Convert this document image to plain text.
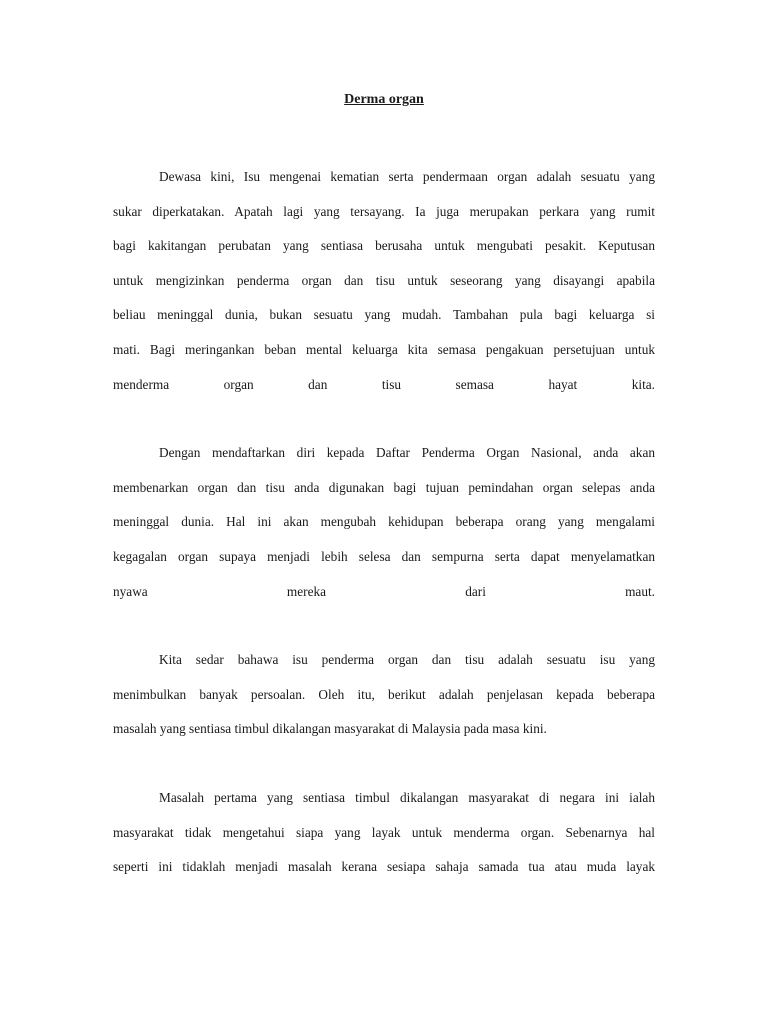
Derma organ
Dewasa kini, Isu mengenai kematian serta pendermaan organ adalah sesuatu yang
sukar diperkatakan. Apatah lagi yang tersayang. Ia juga merupakan perkara yang rumit
bagi kakitangan perubatan yang sentiasa berusaha untuk mengubati pesakit. Keputusan
untuk mengizinkan penderma organ dan tisu untuk seseorang yang disayangi apabila
beliau meninggal dunia, bukan sesuatu yang mudah. Tambahan pula bagi keluarga si
mati. Bagi meringankan beban mental keluarga kita semasa pengakuan persetujuan untuk
menderma organ dan tisu semasa hayat kita.
Dengan mendaftarkan diri kepada Daftar Penderma Organ Nasional, anda akan
membenarkan organ dan tisu anda digunakan bagi tujuan pemindahan organ selepas anda
meninggal dunia. Hal ini akan mengubah kehidupan beberapa orang yang mengalami
kegagalan organ supaya menjadi lebih selesa dan sempurna serta dapat menyelamatkan
nyawa mereka dari maut.
Kita sedar bahawa isu penderma organ dan tisu adalah sesuatu isu yang
menimbulkan banyak persoalan. Oleh itu, berikut adalah penjelasan kepada beberapa
masalah yang sentiasa timbul dikalangan masyarakat di Malaysia pada masa kini.
Masalah pertama yang sentiasa timbul dikalangan masyarakat di negara ini ialah
masyarakat tidak mengetahui siapa yang layak untuk menderma organ. Sebenarnya hal
seperti ini tidaklah menjadi masalah kerana sesiapa sahaja samada tua atau muda layak
